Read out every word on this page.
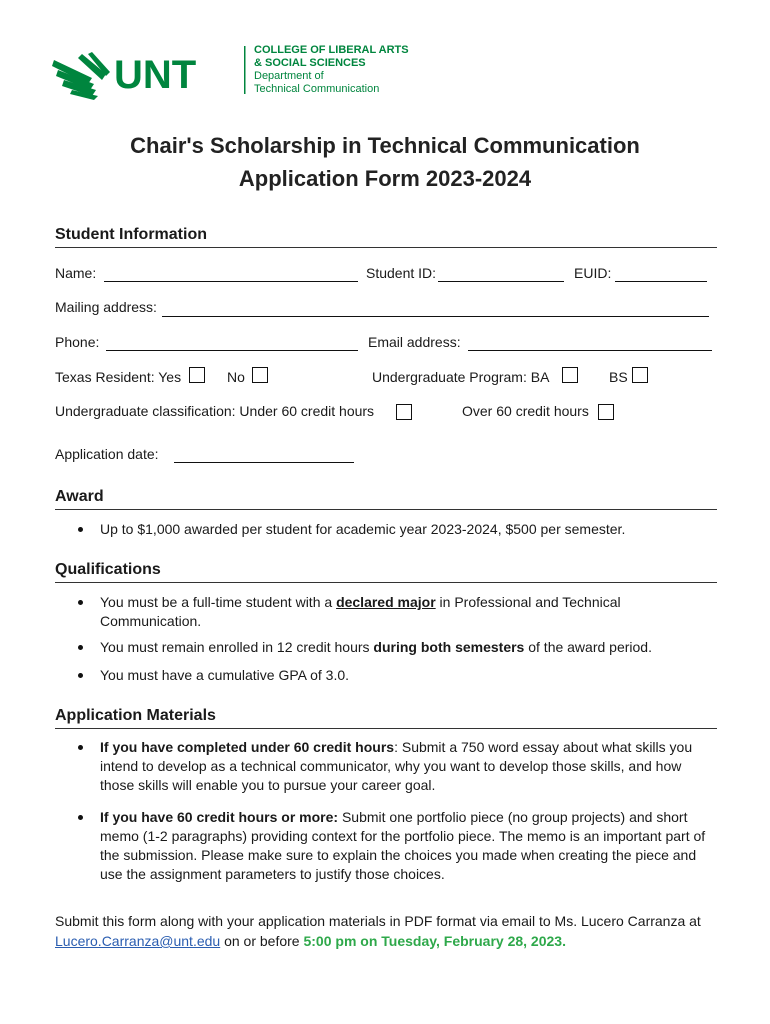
UNT
COLLEGE OF LIBERAL ARTS
& SOCIAL SCIENCES
Department of
Technical Communication
Chair's Scholarship in Technical Communication
Application Form 2023-2024
Student Information
Name:	Student ID:	EUID:
Mailing address:
Phone:	Email address:
Texas Resident: Yes	No	Undergraduate Program: BA	BS
Undergraduate classification: Under 60 credit hours	Over 60 credit hours
Application date:
Award
Up to $1,000 awarded per student for academic year 2023-2024, $500 per semester.
Qualifications
You must be a full-time student with a declared major in Professional and Technical Communication.
You must remain enrolled in 12 credit hours during both semesters of the award period.
You must have a cumulative GPA of 3.0.
Application Materials
If you have completed under 60 credit hours: Submit a 750 word essay about what skills you intend to develop as a technical communicator, why you want to develop those skills, and how those skills will enable you to pursue your career goal.
If you have 60 credit hours or more: Submit one portfolio piece (no group projects) and short memo (1-2 paragraphs) providing context for the portfolio piece. The memo is an important part of the submission. Please make sure to explain the choices you made when creating the piece and use the assignment parameters to justify those choices.
Submit this form along with your application materials in PDF format via email to Ms. Lucero Carranza at Lucero.Carranza@unt.edu on or before 5:00 pm on Tuesday, February 28, 2023.
